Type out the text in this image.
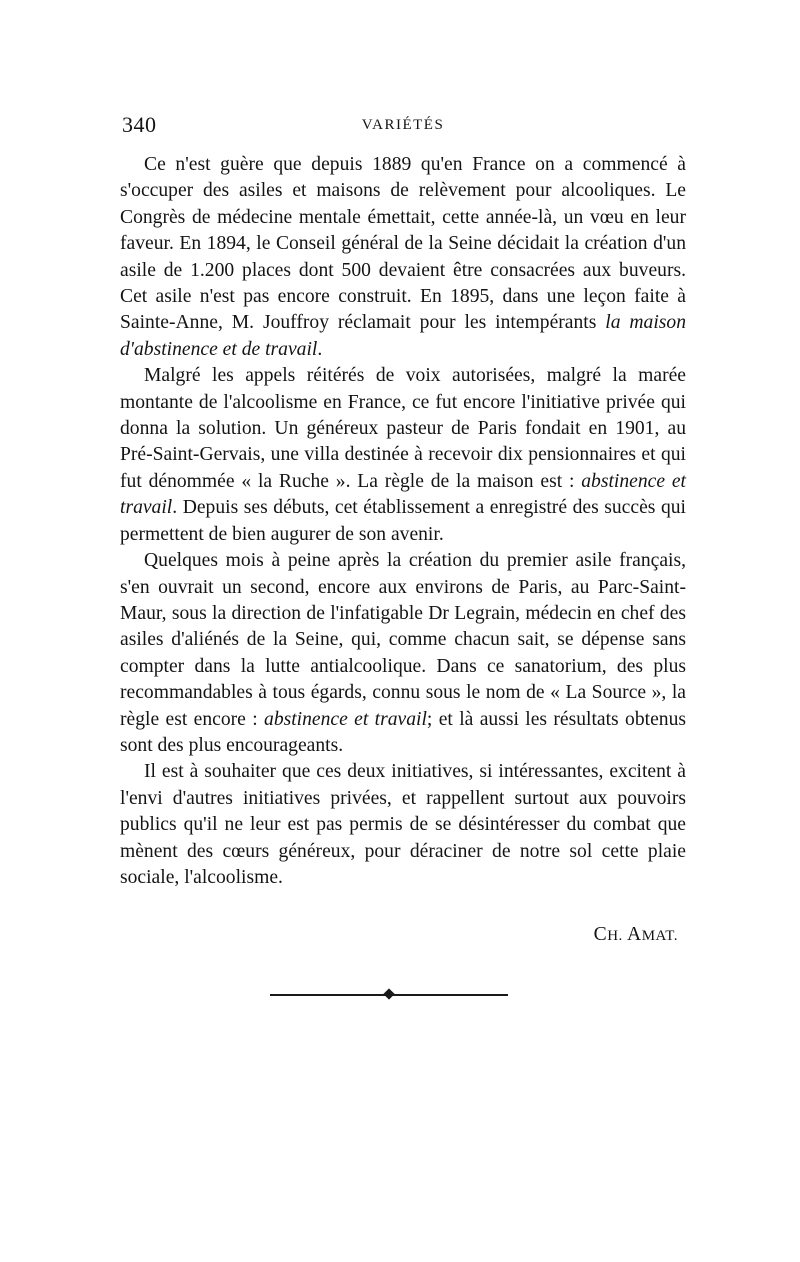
340	VARIÉTÉS

Ce n'est guère que depuis 1889 qu'en France on a commencé à s'occuper des asiles et maisons de relèvement pour alcooliques. Le Congrès de médecine mentale émettait, cette année-là, un vœu en leur faveur. En 1894, le Conseil général de la Seine décidait la création d'un asile de 1.200 places dont 500 devaient être consacrées aux buveurs. Cet asile n'est pas encore construit. En 1895, dans une leçon faite à Sainte-Anne, M. Jouffroy réclamait pour les intempérants la maison d'abstinence et de travail.

Malgré les appels réitérés de voix autorisées, malgré la marée montante de l'alcoolisme en France, ce fut encore l'initiative privée qui donna la solution. Un généreux pasteur de Paris fondait en 1901, au Pré-Saint-Gervais, une villa destinée à recevoir dix pensionnaires et qui fut dénommée « la Ruche ». La règle de la maison est : abstinence et travail. Depuis ses débuts, cet établissement a enregistré des succès qui permettent de bien augurer de son avenir.

Quelques mois à peine après la création du premier asile français, s'en ouvrait un second, encore aux environs de Paris, au Parc-Saint-Maur, sous la direction de l'infatigable Dr Legrain, médecin en chef des asiles d'aliénés de la Seine, qui, comme chacun sait, se dépense sans compter dans la lutte antialcoolique. Dans ce sanatorium, des plus recommandables à tous égards, connu sous le nom de « La Source », la règle est encore : abstinence et travail; et là aussi les résultats obtenus sont des plus encourageants.

Il est à souhaiter que ces deux initiatives, si intéressantes, excitent à l'envi d'autres initiatives privées, et rappellent surtout aux pouvoirs publics qu'il ne leur est pas permis de se désintéresser du combat que mènent des cœurs généreux, pour déraciner de notre sol cette plaie sociale, l'alcoolisme.

CH. AMAT.
